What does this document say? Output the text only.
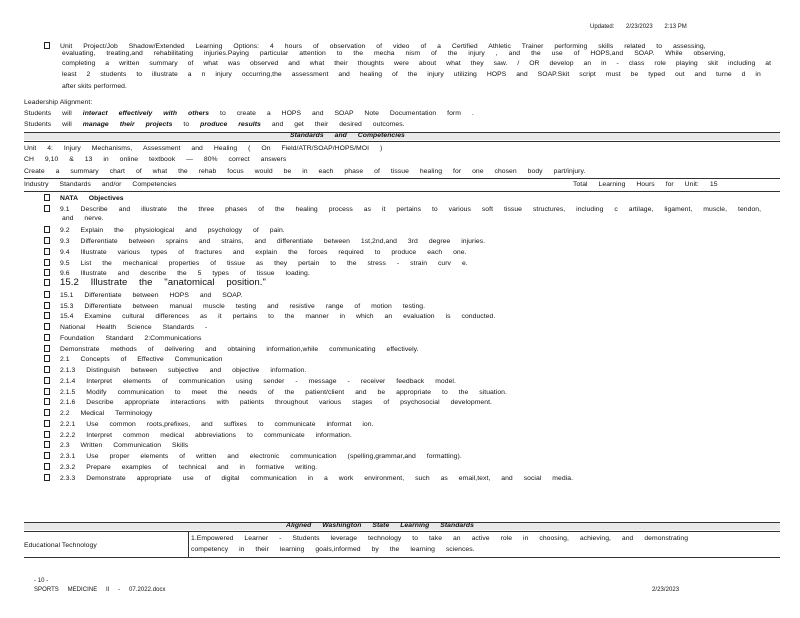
Updated: 2/23/2023 2:13 PM
Unit Project/Job Shadow/Extended Learning Options: 4 hours of observation of video of a Certified Athletic Trainer performing skills related to assessing,
evaluating, treating,and rehabilitating injuries.Paying particular attention to the mecha nism of the injury , and the use of HOPS,and SOAP. While observing,
completing a written summary of what was observed and what their thoughts were about what they saw. / OR develop an in - class role playing skit including at
least 2 students to illustrate a n injury occurring,the assessment and healing of the injury utilizing HOPS and SOAP.Skit script must be typed out and turne d in
after skits performed.
Leadership Alignment:
Students will interact effectively with others to create a HOPS and SOAP Note Documentation form .
Students will manage their projects to produce results and get their desired outcomes.
Standards and Competencies
Unit 4: Injury Mechanisms, Assessment and Healing ( On Field/ATR/SOAP/HOPS/MOI )
CH 9,10 & 13 in online textbook — 80% correct answers
Create a summary chart of what the rehab focus would be in each phase of tissue healing for one chosen body part/injury.
Industry Standards and/or Competencies	Total Learning Hours for Unit: 15
NATA Objectives
9.1 Describe and illustrate the three phases of the healing process as it pertains to various soft tissue structures, including c artilage, ligament, muscle, tendon,
and nerve.
9.2 Explain the physiological and psychology of pain.
9.3 Differentiate between sprains and strains, and differentiate between 1st,2nd,and 3rd degree injuries.
9.4 Illustrate various types of fractures and explain the forces required to produce each one.
9.5 List the mechanical properties of tissue as they pertain to the stress - strain curv e.
9.6 Illustrate and describe the 5 types of tissue loading.
15.2 Illustrate the "anatomical position."
15.1 Differentiate between HOPS and SOAP.
15.3 Differentiate between manual muscle testing and resistive range of motion testing.
15.4 Examine cultural differences as it pertains to the manner in which an evaluation is conducted.
National Health Science Standards -
Foundation Standard 2:Communications
Demonstrate methods of delivering and obtaining information,while communicating effectively.
2.1 Concepts of Effective Communication
2.1.3 Distinguish between subjective and objective information.
2.1.4 Interpret elements of communication using sender - message - receiver feedback model.
2.1.5 Modify communication to meet the needs of the patient/client and be appropriate to the situation.
2.1.6 Describe appropriate interactions with patients throughout various stages of psychosocial development.
2.2 Medical Terminology
2.2.1 Use common roots,prefixes, and suffixes to communicate informat ion.
2.2.2 Interpret common medical abbreviations to communicate information.
2.3 Written Communication Skills
2.3.1 Use proper elements of written and electronic communication (spelling,grammar,and formatting).
2.3.2 Prepare examples of technical and in formative writing.
2.3.3 Demonstrate appropriate use of digital communication in a work environment, such as email,text, and social media.
Aligned Washington State Learning Standards
Educational Technology
1.Empowered Learner - Students leverage technology to take an active role in choosing, achieving, and demonstrating
competency in their learning goals,informed by the learning sciences.
- 10 -
SPORTS MEDICINE II - 07.2022.docx	2/23/2023
